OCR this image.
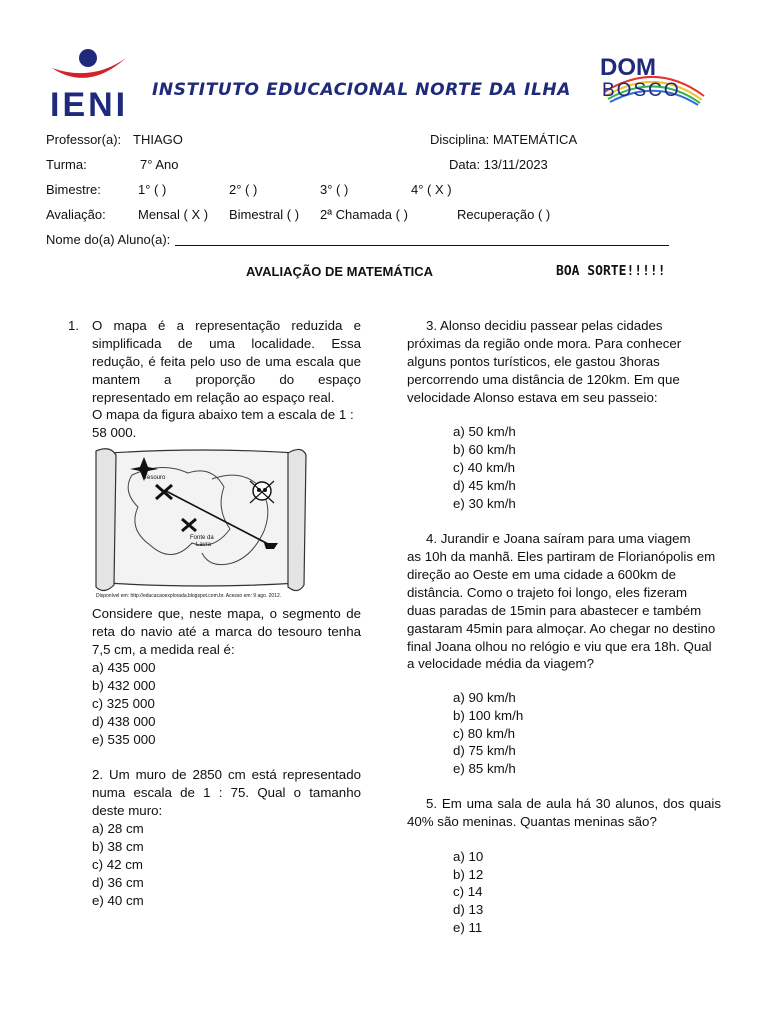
IENI INSTITUTO EDUCACIONAL NORTE DA ILHA
DOM
BOSCO
Professor(a): THIAGO	Disciplina: MATEMÁTICA
Turma:	7° Ano	Data: 13/11/2023
Bimestre:	1° ( )	2° ( )	3° ( )	4° ( X )
Avaliação: Mensal ( X ) Bimestral ( ) 2ª Chamada ( )	Recuperação ( )
Nome do(a) Aluno(a):
AVALIAÇÃO DE MATEMÁTICA	BOA SORTE!!!!!
1. O mapa é a representação reduzida e simplificada de uma localidade. Essa redução, é feita pelo uso de uma escala que mantem a proporção do espaço representado em relação ao espaço real.
O mapa da figura abaixo tem a escala de 1 : 58 000.
Tesouro
Fonte da
Lavra
Disponível em: http://educacaoexplorada.blogspot.com.br. Acesso em: 9 ago. 2012.
Considere que, neste mapa, o segmento de reta do navio até a marca do tesouro tenha 7,5 cm, a medida real é:
a) 435 000
b) 432 000
c) 325 000
d) 438 000
e) 535 000
2. Um muro de 2850 cm está representado numa escala de 1 : 75. Qual o tamanho deste muro:
a) 28 cm
b) 38 cm
c) 42 cm
d) 36 cm
e) 40 cm
3. Alonso decidiu passear pelas cidades
próximas da região onde mora. Para conhecer alguns pontos turísticos, ele gastou 3horas percorrendo uma distância de 120km. Em que velocidade Alonso estava em seu passeio:
a) 50 km/h
b) 60 km/h
c) 40 km/h
d) 45 km/h
e) 30 km/h
4. Jurandir e Joana saíram para uma viagem
as 10h da manhã. Eles partiram de Florianópolis em direção ao Oeste em uma cidade a 600km de distância. Como o trajeto foi longo, eles fizeram duas paradas de 15min para abastecer e também gastaram 45min para almoçar. Ao chegar no destino final Joana olhou no relógio e viu que era 18h. Qual a velocidade média da viagem?
a) 90 km/h
b) 100 km/h
c) 80 km/h
d) 75 km/h
e) 85 km/h
5. Em uma sala de aula há 30 alunos, dos quais 40% são meninas. Quantas meninas são?
a) 10
b) 12
c) 14
d) 13
e) 11
